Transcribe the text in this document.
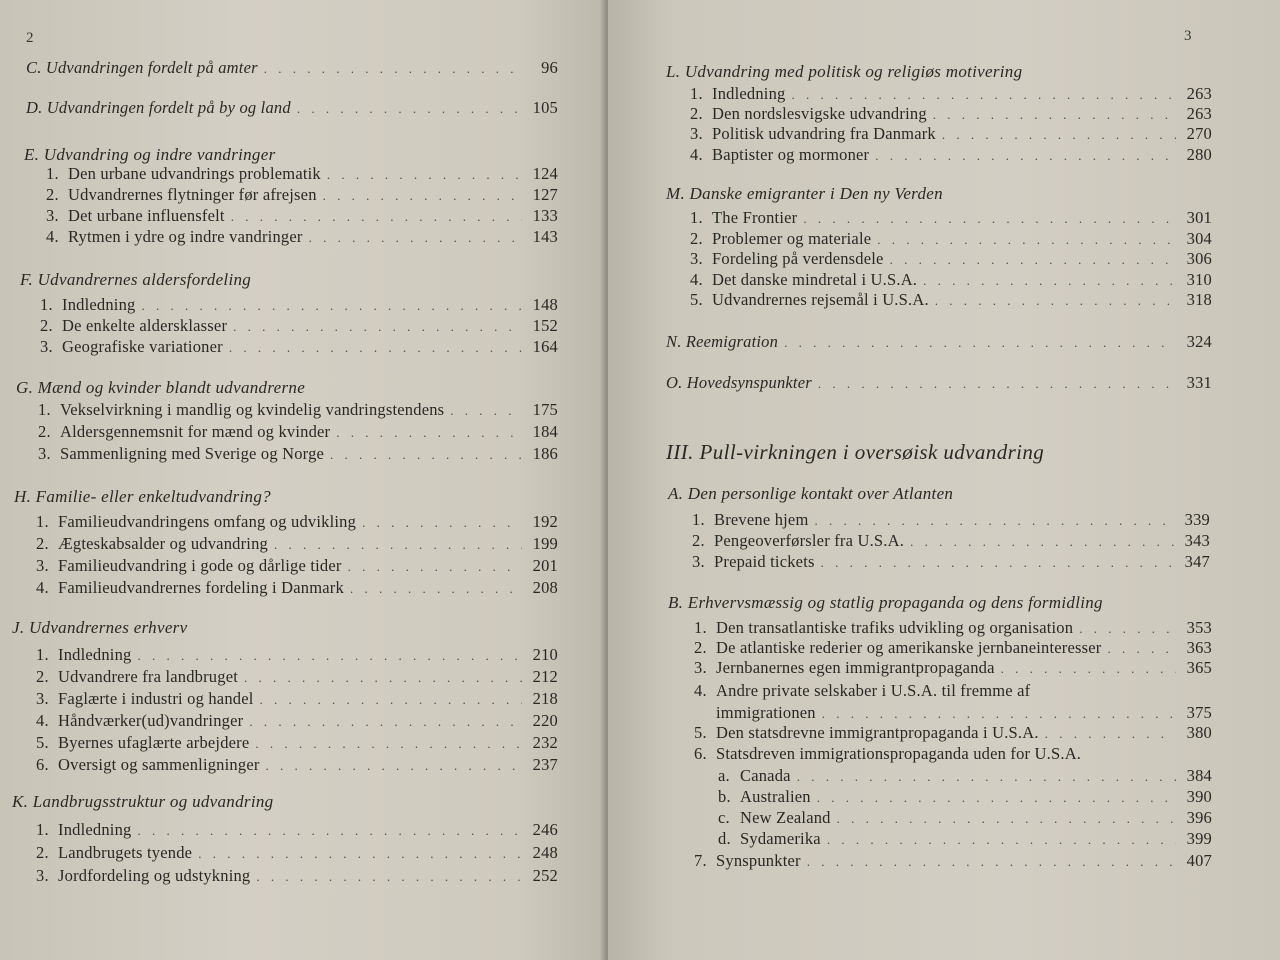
2
C. Udvandringen fordelt på amter . . .	96
D. Udvandringen fordelt på by og land . . .	105
E. Udvandring og indre vandringer
1. Den urbane udvandrings problematik . . .	124
2. Udvandrernes flytninger før afrejsen . . .	127
3. Det urbane influensfelt . . .	133
4. Rytmen i ydre og indre vandringer . . .	143
F. Udvandrernes aldersfordeling
1. Indledning . . .	148
2. De enkelte aldersklasser . . .	152
3. Geografiske variationer . . .	164
G. Mænd og kvinder blandt udvandrerne
1. Vekselvirkning i mandlig og kvindelig vandringstendens . . .	175
2. Aldersgennemsnit for mænd og kvinder . . .	184
3. Sammenligning med Sverige og Norge . . .	186
H. Familie- eller enkeltudvandring?
1. Familieudvandringens omfang og udvikling . . .	192
2. Ægteskabsalder og udvandring . . .	199
3. Familieudvandring i gode og dårlige tider . . .	201
4. Familieudvandrernes fordeling i Danmark . . .	208
J. Udvandrernes erhverv
1. Indledning . . .	210
2. Udvandrere fra landbruget . . .	212
3. Faglærte i industri og handel . . .	218
4. Håndværker(ud)vandringer . . .	220
5. Byernes ufaglærte arbejdere . . .	232
6. Oversigt og sammenligninger . . .	237
K. Landbrugsstruktur og udvandring
1. Indledning . . .	246
2. Landbrugets tyende . . .	248
3. Jordfordeling og udstykning . . .	252
3
L. Udvandring med politisk og religiøs motivering
1. Indledning . . .	263
2. Den nordslesvigske udvandring . . .	263
3. Politisk udvandring fra Danmark . . .	270
4. Baptister og mormoner . . .	280
M. Danske emigranter i Den ny Verden
1. The Frontier . . .	301
2. Problemer og materiale . . .	304
3. Fordeling på verdensdele . . .	306
4. Det danske mindretal i U.S.A. . . .	310
5. Udvandrernes rejsemål i U.S.A. . . .	318
N. Reemigration . . .	324
O. Hovedsynspunkter . . .	331
III. Pull-virkningen i oversøisk udvandring
A. Den personlige kontakt over Atlanten
1. Brevene hjem . . .	339
2. Pengeoverførsler fra U.S.A. . . .	343
3. Prepaid tickets . . .	347
B. Erhvervsmæssig og statlig propaganda og dens formidling
1. Den transatlantiske trafiks udvikling og organisation . . .	353
2. De atlantiske rederier og amerikanske jernbaneinteresser . . .	363
3. Jernbanernes egen immigrantpropaganda . . .	365
4. Andre private selskaber i U.S.A. til fremme af
immigrationen . . .	375
5. Den statsdrevne immigrantpropaganda i U.S.A. . . .	380
6. Statsdreven immigrationspropaganda uden for U.S.A.
a. Canada . . .	384
b. Australien . . .	390
c. New Zealand . . .	396
d. Sydamerika . . .	399
7. Synspunkter . . .	407
